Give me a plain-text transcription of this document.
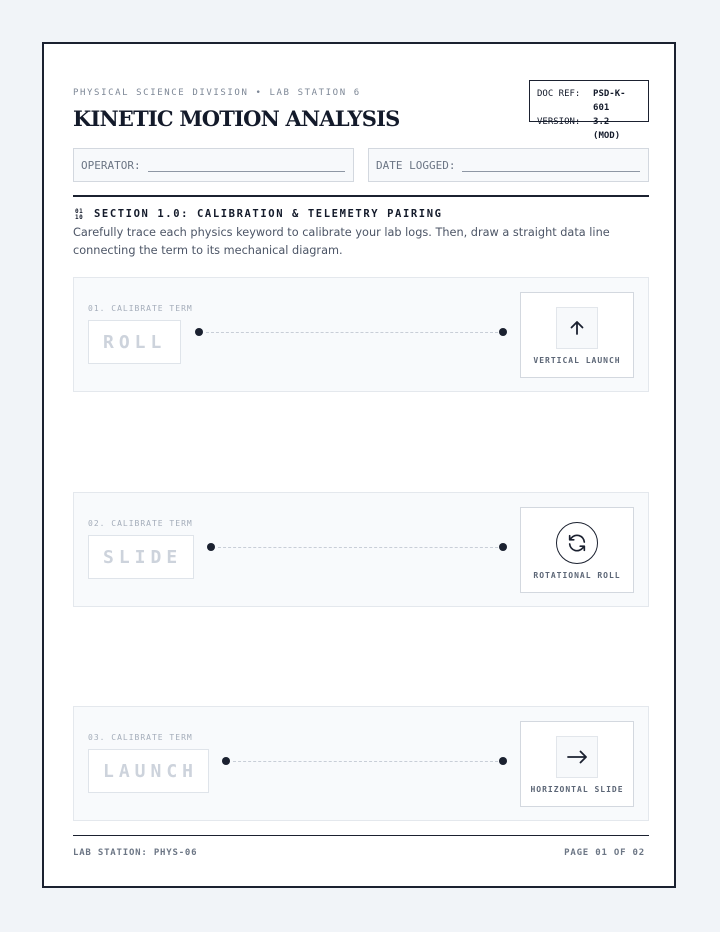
PHYSICAL SCIENCE DIVISION • LAB STATION 6
KINETIC MOTION ANALYSIS
DOC REF:	PSD-K-601
VERSION:	3.2 (MOD)
OPERATOR:	DATE LOGGED:
01
10 SECTION 1.0: CALIBRATION & TELEMETRY PAIRING
Carefully trace each physics keyword to calibrate your lab logs. Then, draw a straight data line connecting the term to its mechanical diagram.
01. CALIBRATE TERM
ROLL
VERTICAL LAUNCH
02. CALIBRATE TERM
SLIDE
ROTATIONAL ROLL
03. CALIBRATE TERM
LAUNCH
HORIZONTAL SLIDE
LAB STATION: PHYS-06	PAGE 01 OF 02
